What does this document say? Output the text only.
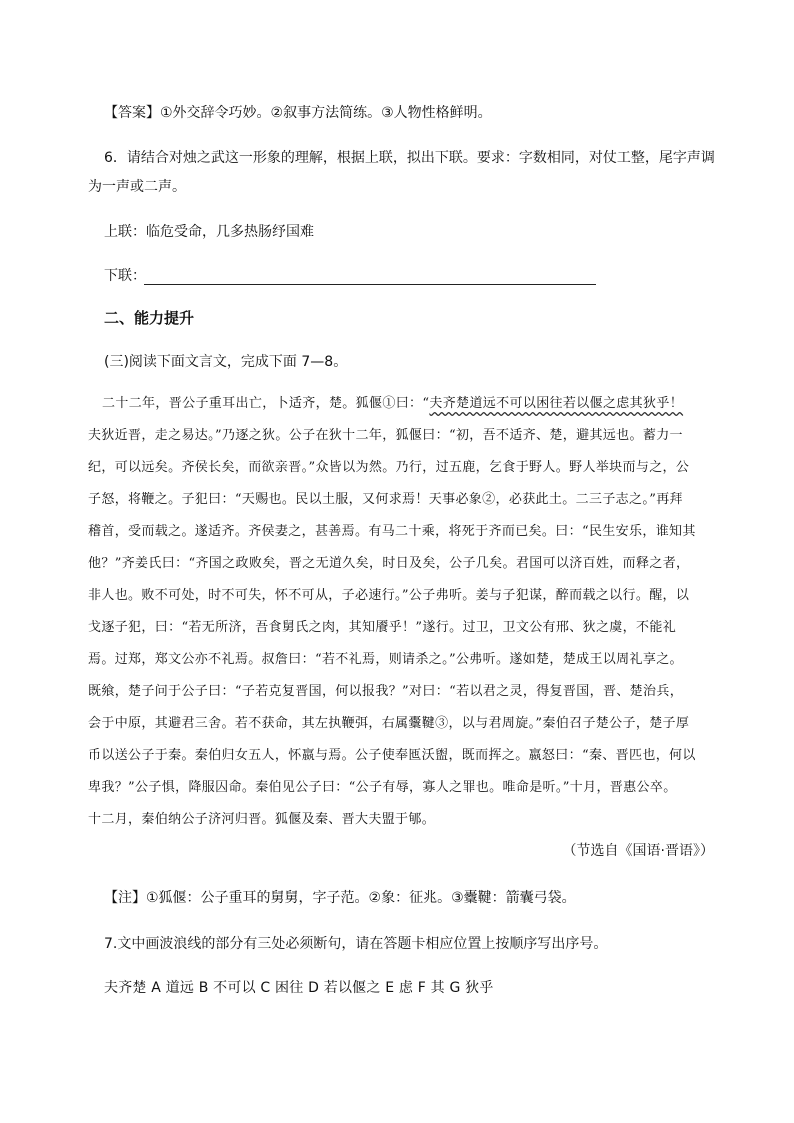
【答案】①外交辞令巧妙。②叙事方法简练。③人物性格鲜明。
6．请结合对烛之武这一形象的理解，根据上联，拟出下联。要求：字数相同，对仗工整，尾字声调
为一声或二声。
上联：临危受命，几多热肠纾国难
下联：
二、能力提升
(三)阅读下面文言文，完成下面 7—8。
二十二年，晋公子重耳出亡，卜适齐，楚。狐偃①曰：“夫齐楚道远不可以困往若以偃之虑其狄乎！
夫狄近晋，走之易达。”乃逐之狄。公子在狄十二年，狐偃曰：“初，吾不适齐、楚，避其远也。蓄力一
纪，可以远矣。齐侯长矣，而欲亲晋。”众皆以为然。乃行，过五鹿，乞食于野人。野人举块而与之，公
子怒，将鞭之。子犯曰：“天赐也。民以土服，又何求焉！天事必象②，必获此土。二三子志之。”再拜
稽首，受而载之。遂适齐。齐侯妻之，甚善焉。有马二十乘，将死于齐而已矣。曰：“民生安乐，谁知其
他？”齐姜氏曰：“齐国之政败矣，晋之无道久矣，时日及矣，公子几矣。君国可以济百姓，而释之者，
非人也。败不可处，时不可失，怀不可从，子必速行。”公子弗听。姜与子犯谋，醉而载之以行。醒，以
戈逐子犯，曰：“若无所济，吾食舅氏之肉，其知餍乎！”遂行。过卫，卫文公有邢、狄之虞，不能礼
焉。过郑，郑文公亦不礼焉。叔詹曰：“若不礼焉，则请杀之。”公弗听。遂如楚，楚成王以周礼享之。
既飨，楚子问于公子曰：“子若克复晋国，何以报我？”对曰：“若以君之灵，得复晋国，晋、楚治兵，
会于中原，其避君三舍。若不获命，其左执鞭弭，右属櫜鞬③，以与君周旋。”秦伯召子楚公子，楚子厚
币以送公子于秦。秦伯归女五人，怀嬴与焉。公子使奉匜沃盥，既而挥之。嬴怒曰：“秦、晋匹也，何以
卑我？”公子惧，降服囚命。秦伯见公子曰：“公子有辱，寡人之罪也。唯命是听。”十月，晋惠公卒。
十二月，秦伯纳公子济河归晋。狐偃及秦、晋大夫盟于郇。
（节选自《国语·晋语》）
【注】①狐偃：公子重耳的舅舅，字子范。②象：征兆。③櫜鞬：箭囊弓袋。
7.文中画波浪线的部分有三处必须断句，请在答题卡相应位置上按顺序写出序号。
夫齐楚 A 道远 B 不可以 C 困往 D 若以偃之 E 虑 F 其 G 狄乎
